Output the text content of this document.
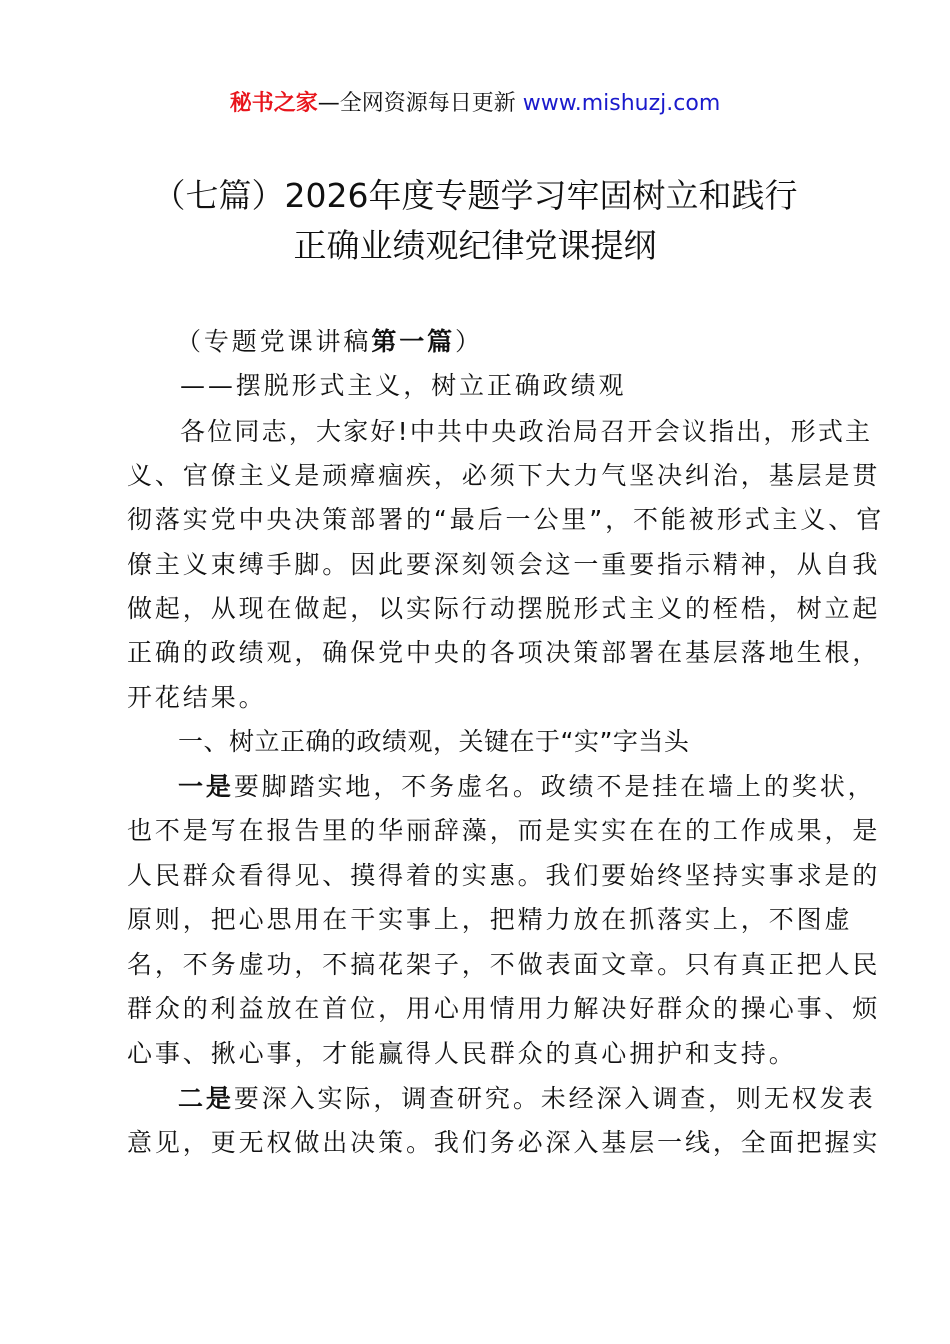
秘书之家—全网资源每日更新 www.mishuzj.com
（七篇）2026年度专题学习牢固树立和践行
正确业绩观纪律党课提纲
（专题党课讲稿第一篇）
——摆脱形式主义，树立正确政绩观
各位同志，大家好!中共中央政治局召开会议指出，形式主
义、官僚主义是顽瘴痼疾，必须下大力气坚决纠治，基层是贯
彻落实党中央决策部署的“最后一公里”，不能被形式主义、官
僚主义束缚手脚。因此要深刻领会这一重要指示精神，从自我
做起，从现在做起，以实际行动摆脱形式主义的桎梏，树立起
正确的政绩观，确保党中央的各项决策部署在基层落地生根，
开花结果。
一、树立正确的政绩观，关键在于“实”字当头
一是要脚踏实地，不务虚名。政绩不是挂在墙上的奖状，
也不是写在报告里的华丽辞藻，而是实实在在的工作成果，是
人民群众看得见、摸得着的实惠。我们要始终坚持实事求是的
原则，把心思用在干实事上，把精力放在抓落实上，不图虚
名，不务虚功，不搞花架子，不做表面文章。只有真正把人民
群众的利益放在首位，用心用情用力解决好群众的操心事、烦
心事、揪心事，才能赢得人民群众的真心拥护和支持。
二是要深入实际，调查研究。未经深入调查，则无权发表
意见，更无权做出决策。我们务必深入基层一线，全面把握实
